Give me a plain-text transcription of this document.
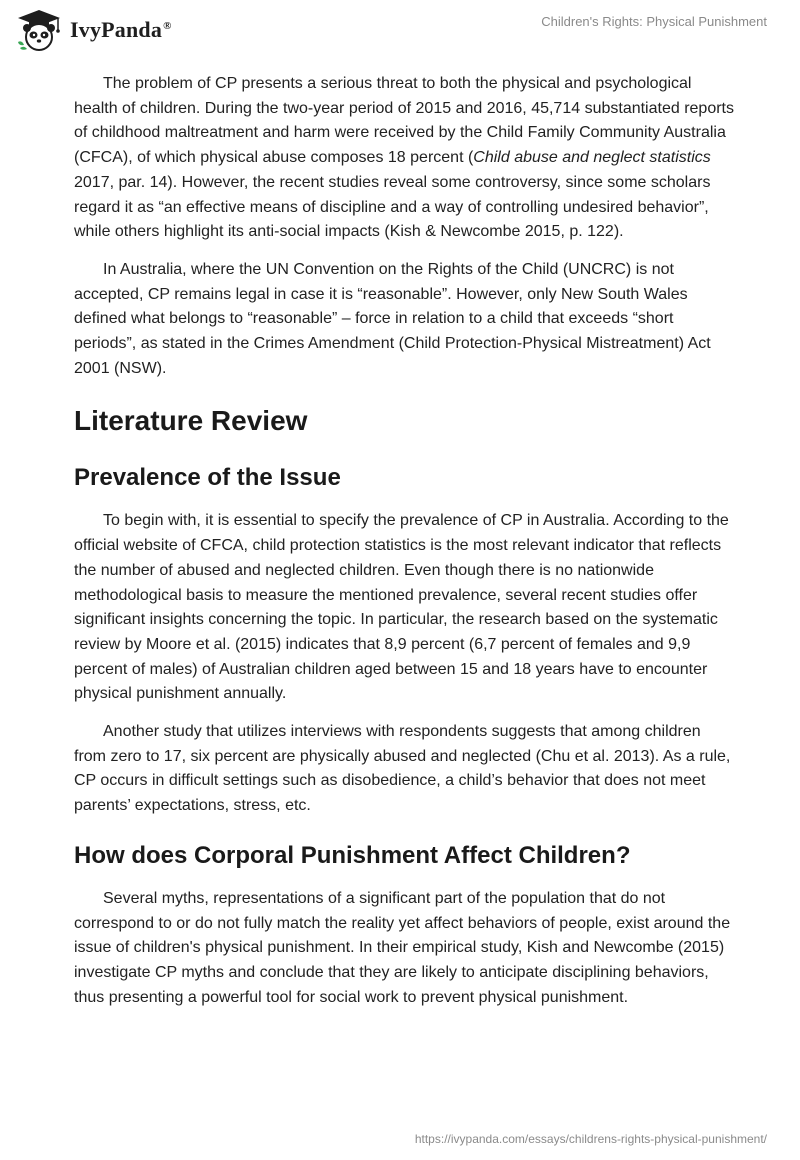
IvyPanda®	Children's Rights: Physical Punishment

The problem of CP presents a serious threat to both the physical and psychological health of children. During the two-year period of 2015 and 2016, 45,714 substantiated reports of childhood maltreatment and harm were received by the Child Family Community Australia (CFCA), of which physical abuse composes 18 percent (Child abuse and neglect statistics 2017, par. 14). However, the recent studies reveal some controversy, since some scholars regard it as “an effective means of discipline and a way of controlling undesired behavior”, while others highlight its anti-social impacts (Kish & Newcombe 2015, p. 122).

In Australia, where the UN Convention on the Rights of the Child (UNCRC) is not accepted, CP remains legal in case it is “reasonable”. However, only New South Wales defined what belongs to “reasonable” – force in relation to a child that exceeds “short periods”, as stated in the Crimes Amendment (Child Protection-Physical Mistreatment) Act 2001 (NSW).

Literature Review
Prevalence of the Issue

To begin with, it is essential to specify the prevalence of CP in Australia. According to the official website of CFCA, child protection statistics is the most relevant indicator that reflects the number of abused and neglected children. Even though there is no nationwide methodological basis to measure the mentioned prevalence, several recent studies offer significant insights concerning the topic. In particular, the research based on the systematic review by Moore et al. (2015) indicates that 8,9 percent (6,7 percent of females and 9,9 percent of males) of Australian children aged between 15 and 18 years have to encounter physical punishment annually.

Another study that utilizes interviews with respondents suggests that among children from zero to 17, six percent are physically abused and neglected (Chu et al. 2013). As a rule, CP occurs in difficult settings such as disobedience, a child’s behavior that does not meet parents’ expectations, stress, etc.

How does Corporal Punishment Affect Children?

Several myths, representations of a significant part of the population that do not correspond to or do not fully match the reality yet affect behaviors of people, exist around the issue of children's physical punishment. In their empirical study, Kish and Newcombe (2015) investigate CP myths and conclude that they are likely to anticipate disciplining behaviors, thus presenting a powerful tool for social work to prevent physical punishment.

https://ivypanda.com/essays/childrens-rights-physical-punishment/
